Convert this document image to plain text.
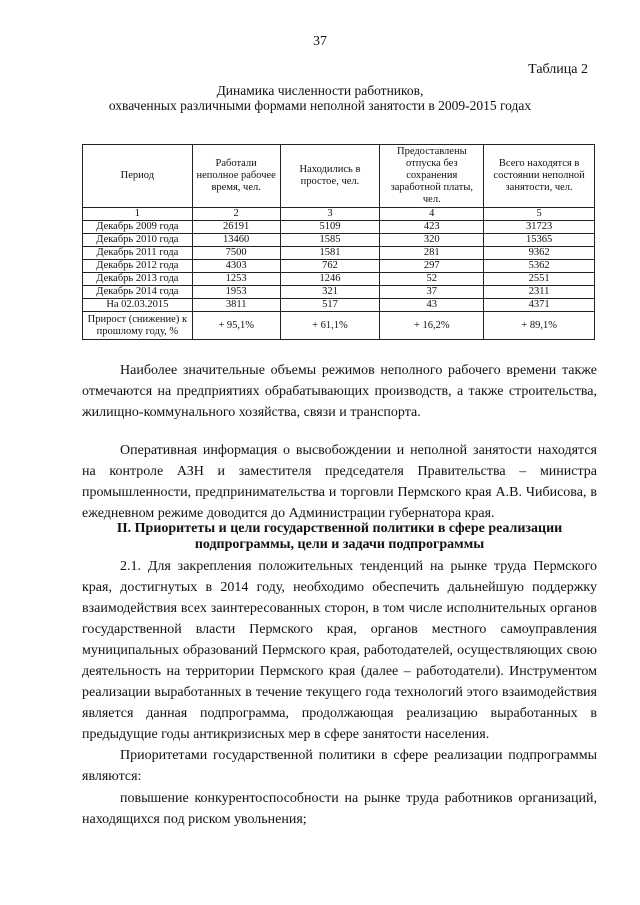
37
Таблица 2
Динамика численности работников,
охваченных различными формами неполной занятости в 2009-2015 годах
Период	Работали неполное рабочее время, чел.	Находились в простое, чел.	Предоставлены отпуска без сохранения заработной платы, чел.	Всего находятся в состоянии неполной занятости, чел.
1	2	3	4	5
Декабрь 2009 года	26191	5109	423	31723
Декабрь 2010 года	13460	1585	320	15365
Декабрь 2011 года	7500	1581	281	9362
Декабрь 2012 года	4303	762	297	5362
Декабрь 2013 года	1253	1246	52	2551
Декабрь 2014 года	1953	321	37	2311
На 02.03.2015	3811	517	43	4371
Прирост (снижение) к прошлому году, %	+ 95,1%	+ 61,1%	+ 16,2%	+ 89,1%
Наиболее значительные объемы режимов неполного рабочего времени также отмечаются на предприятиях обрабатывающих производств, а также строительства, жилищно-коммунального хозяйства, связи и транспорта.
Оперативная информация о высвобождении и неполной занятости находятся на контроле АЗН и заместителя председателя Правительства – министра промышленности, предпринимательства и торговли Пермского края А.В. Чибисова, в ежедневном режиме доводится до Администрации губернатора края.
II. Приоритеты и цели государственной политики в сфере реализации
подпрограммы, цели и задачи подпрограммы
2.1. Для закрепления положительных тенденций на рынке труда Пермского края, достигнутых в 2014 году, необходимо обеспечить дальнейшую поддержку взаимодействия всех заинтересованных сторон, в том числе исполнительных органов государственной власти Пермского края, органов местного самоуправления муниципальных образований Пермского края, работодателей, осуществляющих свою деятельность на территории Пермского края (далее – работодатели). Инструментом реализации выработанных в течение текущего года технологий этого взаимодействия является данная подпрограмма, продолжающая реализацию выработанных в предыдущие годы антикризисных мер в сфере занятости населения.
Приоритетами государственной политики в сфере реализации подпрограммы являются:
повышение конкурентоспособности на рынке труда работников организаций, находящихся под риском увольнения;
